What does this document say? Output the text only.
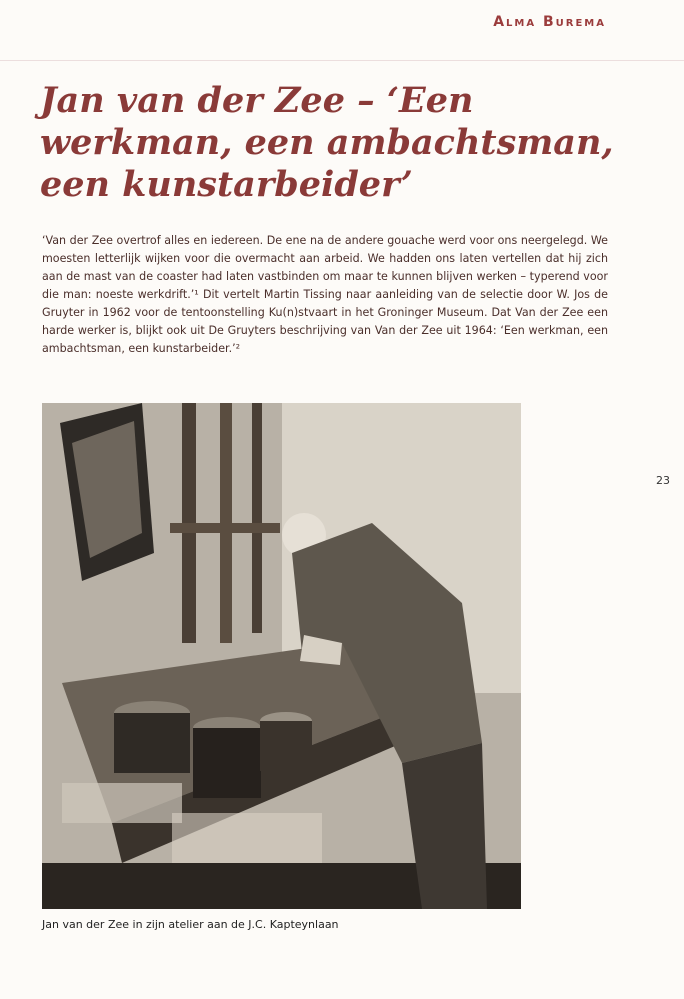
Alma Burema
Jan van der Zee – ‘Een werkman, een ambachtsman, een kunstarbeider’

‘Van der Zee overtrof alles en iedereen. De ene na de andere gouache werd voor ons neergelegd. We moesten letterlijk wijken voor die overmacht aan arbeid. We hadden ons laten vertellen dat hij zich aan de mast van de coaster had laten vastbinden om maar te kunnen blijven werken – typerend voor die man: noeste werkdrift.’¹ Dit vertelt Martin Tissing naar aanleiding van de selectie door W. Jos de Gruyter in 1962 voor de tentoonstelling Ku(n)stvaart in het Groninger Museum. Dat Van der Zee een harde werker is, blijkt ook uit De Gruyters beschrijving van Van der Zee uit 1964: ‘Een werkman, een ambachtsman, een kunstarbeider.’²

23
Jan van der Zee in zijn atelier aan de J.C. Kapteynlaan
